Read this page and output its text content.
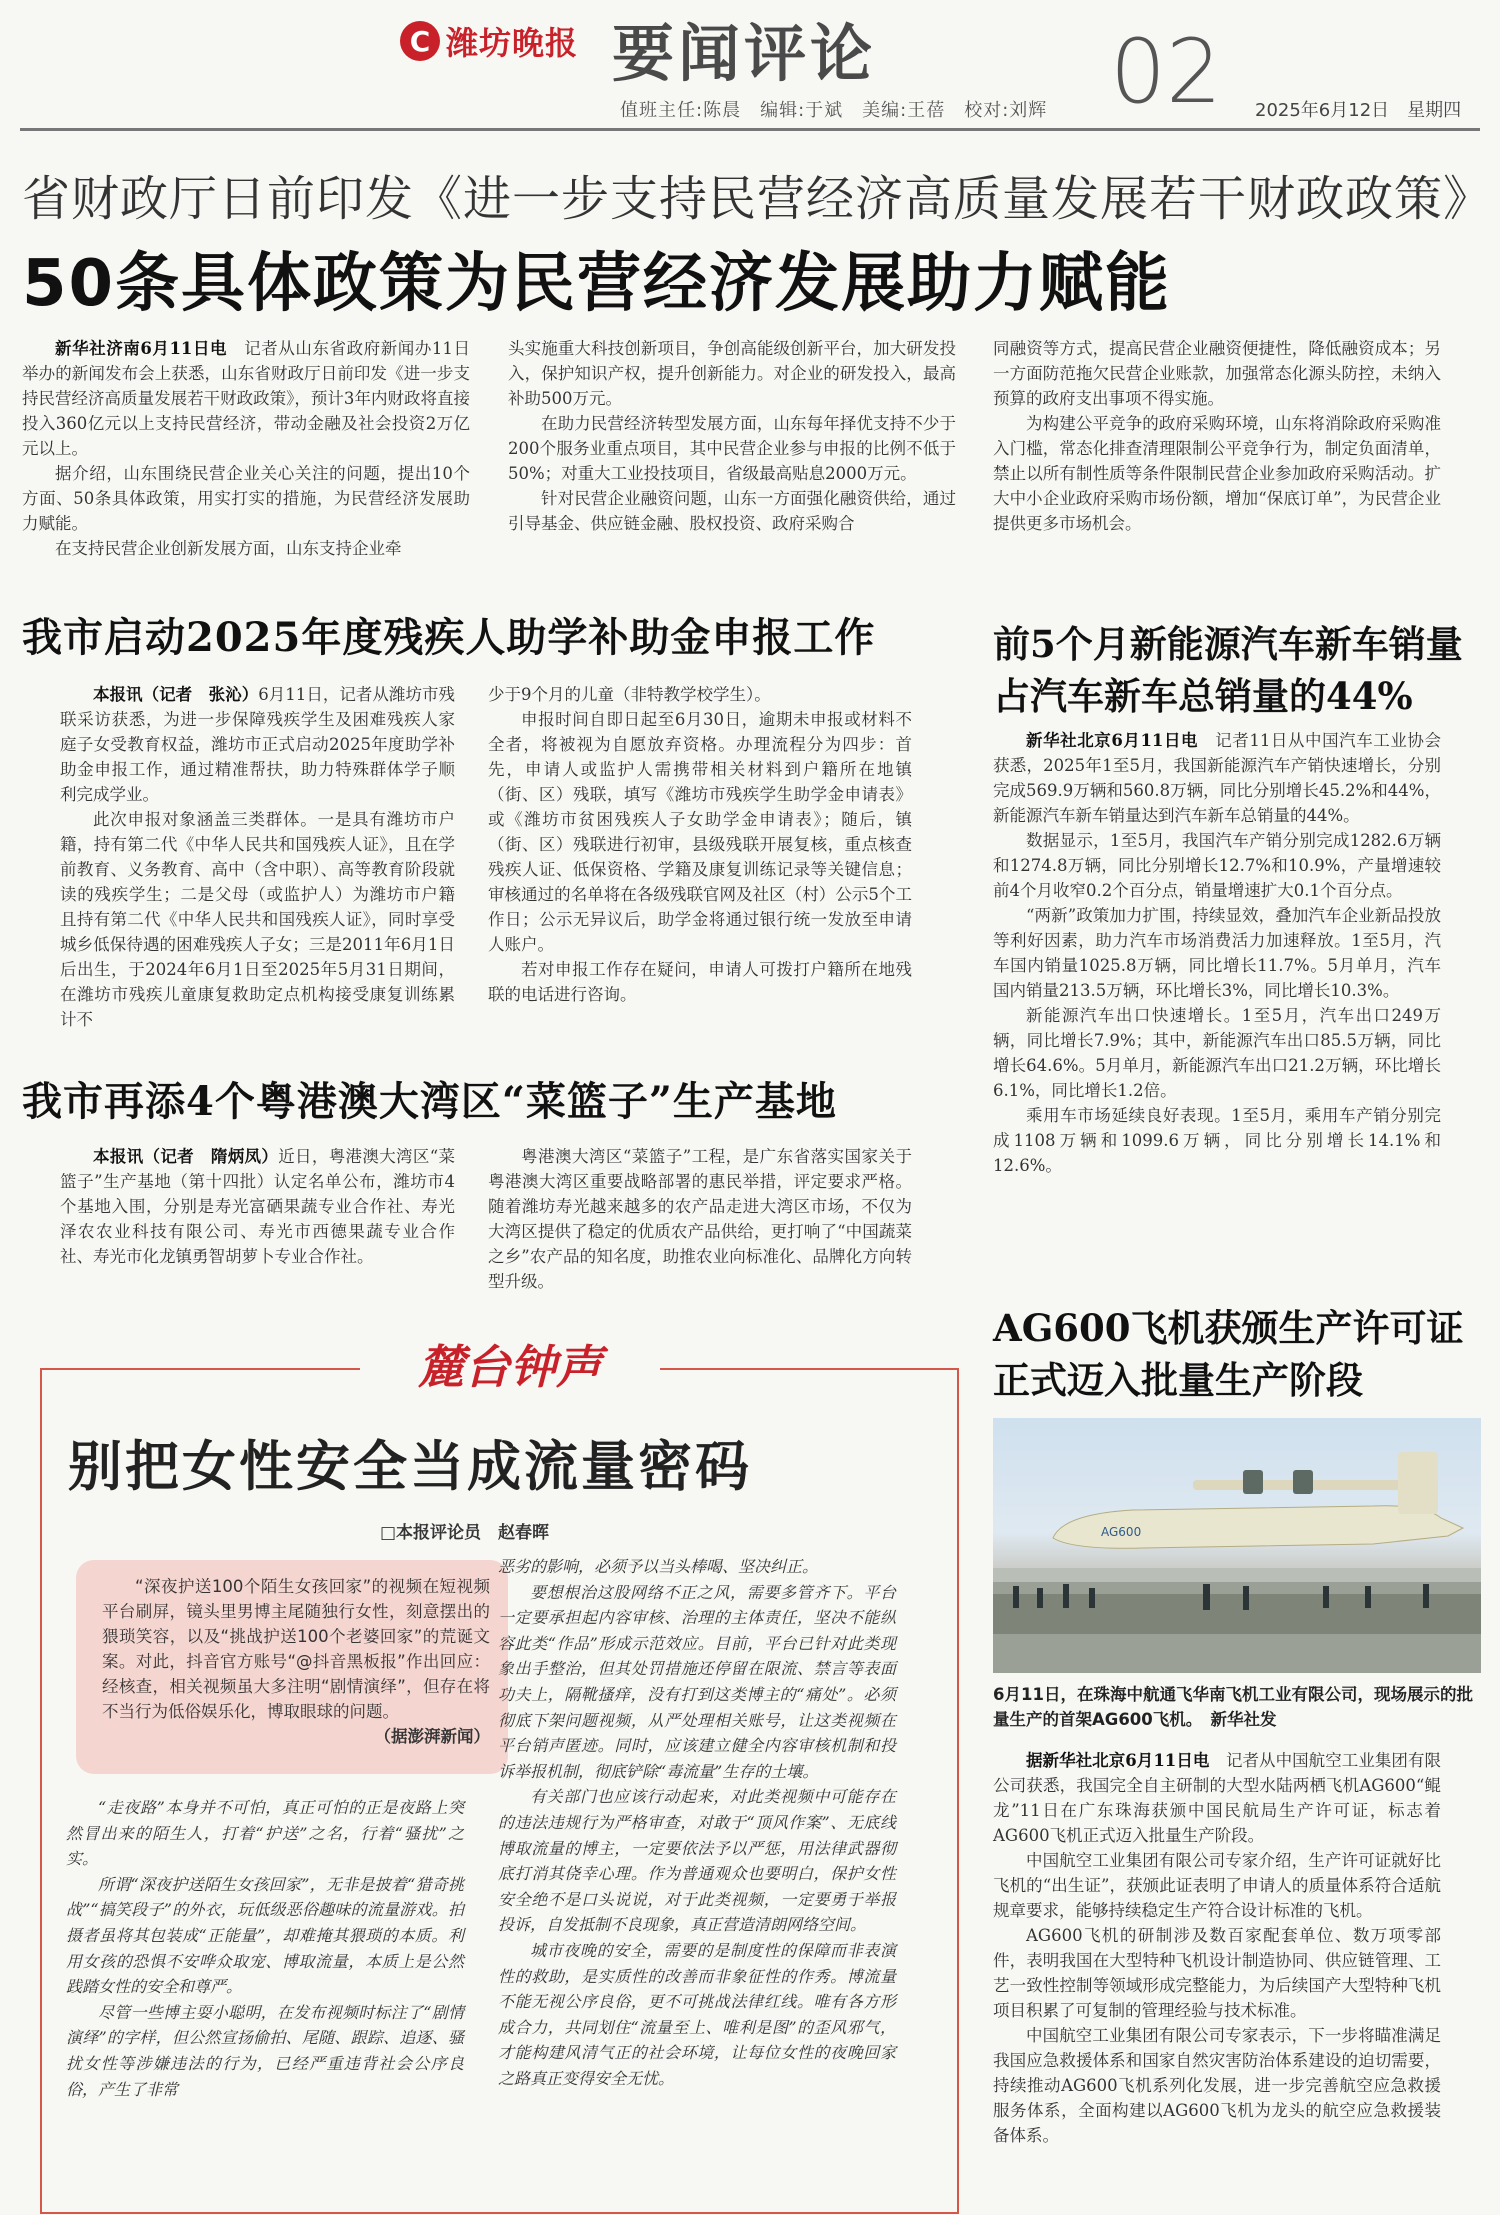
C 潍坊晚报 要闻评论	02
值班主任:陈晨　编辑:于斌　美编:王蓓　校对:刘辉	2025年6月12日　星期四
省财政厅日前印发《进一步支持民营经济高质量发展若干财政政策》
50条具体政策为民营经济发展助力赋能

新华社济南6月11日电　记者从山东省政府新闻办11日举办的新闻发布会上获悉，山东省财政厅日前印发《进一步支持民营经济高质量发展若干财政政策》，预计3年内财政将直接投入360亿元以上支持民营经济，带动金融及社会投资2万亿元以上。

据介绍，山东围绕民营企业关心关注的问题，提出10个方面、50条具体政策，用实打实的措施，为民营经济发展助力赋能。

在支持民营企业创新发展方面，山东支持企业牵

头实施重大科技创新项目，争创高能级创新平台，加大研发投入，保护知识产权，提升创新能力。对企业的研发投入，最高补助500万元。

在助力民营经济转型发展方面，山东每年择优支持不少于200个服务业重点项目，其中民营企业参与申报的比例不低于50%；对重大工业投技项目，省级最高贴息2000万元。

针对民营企业融资问题，山东一方面强化融资供给，通过引导基金、供应链金融、股权投资、政府采购合

同融资等方式，提高民营企业融资便捷性，降低融资成本；另一方面防范拖欠民营企业账款，加强常态化源头防控，未纳入预算的政府支出事项不得实施。

为构建公平竞争的政府采购环境，山东将消除政府采购准入门槛，常态化排查清理限制公平竞争行为，制定负面清单，禁止以所有制性质等条件限制民营企业参加政府采购活动。扩大中小企业政府采购市场份额，增加“保底订单”，为民营企业提供更多市场机会。

我市启动2025年度残疾人助学补助金申报工作

本报讯（记者　张沁）6月11日，记者从潍坊市残联采访获悉，为进一步保障残疾学生及困难残疾人家庭子女受教育权益，潍坊市正式启动2025年度助学补助金申报工作，通过精准帮扶，助力特殊群体学子顺利完成学业。

此次申报对象涵盖三类群体。一是具有潍坊市户籍，持有第二代《中华人民共和国残疾人证》，且在学前教育、义务教育、高中（含中职）、高等教育阶段就读的残疾学生；二是父母（或监护人）为潍坊市户籍且持有第二代《中华人民共和国残疾人证》，同时享受城乡低保待遇的困难残疾人子女；三是2011年6月1日后出生，于2024年6月1日至2025年5月31日期间，在潍坊市残疾儿童康复救助定点机构接受康复训练累计不

少于9个月的儿童（非特教学校学生）。

申报时间自即日起至6月30日，逾期未申报或材料不全者，将被视为自愿放弃资格。办理流程分为四步：首先，申请人或监护人需携带相关材料到户籍所在地镇（街、区）残联，填写《潍坊市残疾学生助学金申请表》或《潍坊市贫困残疾人子女助学金申请表》；随后，镇（街、区）残联进行初审，县级残联开展复核，重点核查残疾人证、低保资格、学籍及康复训练记录等关键信息；审核通过的名单将在各级残联官网及社区（村）公示5个工作日；公示无异议后，助学金将通过银行统一发放至申请人账户。

若对申报工作存在疑问，申请人可拨打户籍所在地残联的电话进行咨询。

我市再添4个粤港澳大湾区“菜篮子”生产基地

本报讯（记者　隋炳凤）近日，粤港澳大湾区“菜篮子”生产基地（第十四批）认定名单公布，潍坊市4个基地入围，分别是寿光富硒果蔬专业合作社、寿光泽农农业科技有限公司、寿光市西德果蔬专业合作社、寿光市化龙镇勇智胡萝卜专业合作社。

粤港澳大湾区“菜篮子”工程，是广东省落实国家关于粤港澳大湾区重要战略部署的惠民举措，评定要求严格。随着潍坊寿光越来越多的农产品走进大湾区市场，不仅为大湾区提供了稳定的优质农产品供给，更打响了“中国蔬菜之乡”农产品的知名度，助推农业向标准化、品牌化方向转型升级。

前5个月新能源汽车新车销量占汽车新车总销量的44%

新华社北京6月11日电　记者11日从中国汽车工业协会获悉，2025年1至5月，我国新能源汽车产销快速增长，分别完成569.9万辆和560.8万辆，同比分别增长45.2%和44%，新能源汽车新车销量达到汽车新车总销量的44%。

数据显示，1至5月，我国汽车产销分别完成1282.6万辆和1274.8万辆，同比分别增长12.7%和10.9%，产量增速较前4个月收窄0.2个百分点，销量增速扩大0.1个百分点。

“两新”政策加力扩围，持续显效，叠加汽车企业新品投放等利好因素，助力汽车市场消费活力加速释放。1至5月，汽车国内销量1025.8万辆，同比增长11.7%。5月单月，汽车国内销量213.5万辆，环比增长3%，同比增长10.3%。

新能源汽车出口快速增长。1至5月，汽车出口249万辆，同比增长7.9%；其中，新能源汽车出口85.5万辆，同比增长64.6%。5月单月，新能源汽车出口21.2万辆，环比增长6.1%，同比增长1.2倍。

乘用车市场延续良好表现。1至5月，乘用车产销分别完成1108万辆和1099.6万辆，同比分别增长14.1%和12.6%。

AG600飞机获颁生产许可证正式迈入批量生产阶段
AG600
6月11日，在珠海中航通飞华南飞机工业有限公司，现场展示的批量生产的首架AG600飞机。　新华社发

据新华社北京6月11日电　记者从中国航空工业集团有限公司获悉，我国完全自主研制的大型水陆两栖飞机AG600“鲲龙”11日在广东珠海获颁中国民航局生产许可证，标志着AG600飞机正式迈入批量生产阶段。

中国航空工业集团有限公司专家介绍，生产许可证就好比飞机的“出生证”，获颁此证表明了申请人的质量体系符合适航规章要求，能够持续稳定生产符合设计标准的飞机。

AG600飞机的研制涉及数百家配套单位、数万项零部件，表明我国在大型特种飞机设计制造协同、供应链管理、工艺一致性控制等领域形成完整能力，为后续国产大型特种飞机项目积累了可复制的管理经验与技术标准。

中国航空工业集团有限公司专家表示，下一步将瞄准满足我国应急救援体系和国家自然灾害防治体系建设的迫切需要，持续推动AG600飞机系列化发展，进一步完善航空应急救援服务体系，全面构建以AG600飞机为龙头的航空应急救援装备体系。

麓台钟声
别把女性安全当成流量密码
□本报评论员　赵春晖

“深夜护送100个陌生女孩回家”的视频在短视频平台刷屏，镜头里男博主尾随独行女性，刻意摆出的猥琐笑容，以及“挑战护送100个老婆回家”的荒诞文案。对此，抖音官方账号“@抖音黑板报”作出回应：经核查，相关视频虽大多注明“剧情演绎”，但存在将不当行为低俗娱乐化，博取眼球的问题。

（据澎湃新闻）

“走夜路”本身并不可怕，真正可怕的正是夜路上突然冒出来的陌生人，打着“护送”之名，行着“骚扰”之实。

所谓“深夜护送陌生女孩回家”，无非是披着“猎奇挑战”“搞笑段子”的外衣，玩低级恶俗趣味的流量游戏。拍摄者虽将其包装成“正能量”，却难掩其猥琐的本质。利用女孩的恐惧不安哗众取宠、博取流量，本质上是公然践踏女性的安全和尊严。

尽管一些博主耍小聪明，在发布视频时标注了“剧情演绎”的字样，但公然宣扬偷拍、尾随、跟踪、追逐、骚扰女性等涉嫌违法的行为，已经严重违背社会公序良俗，产生了非常

恶劣的影响，必须予以当头棒喝、坚决纠正。

要想根治这股网络不正之风，需要多管齐下。平台一定要承担起内容审核、治理的主体责任，坚决不能纵容此类“作品”形成示范效应。目前，平台已针对此类现象出手整治，但其处罚措施还停留在限流、禁言等表面功夫上，隔靴搔痒，没有打到这类博主的“痛处”。必须彻底下架问题视频，从严处理相关账号，让这类视频在平台销声匿迹。同时，应该建立健全内容审核机制和投诉举报机制，彻底铲除“毒流量”生存的土壤。

有关部门也应该行动起来，对此类视频中可能存在的违法违规行为严格审查，对敢于“顶风作案”、无底线博取流量的博主，一定要依法予以严惩，用法律武器彻底打消其侥幸心理。作为普通观众也要明白，保护女性安全绝不是口头说说，对于此类视频，一定要勇于举报投诉，自发抵制不良现象，真正营造清朗网络空间。

城市夜晚的安全，需要的是制度性的保障而非表演性的救助，是实质性的改善而非象征性的作秀。博流量不能无视公序良俗，更不可挑战法律红线。唯有各方形成合力，共同划住“流量至上、唯利是图”的歪风邪气，才能构建风清气正的社会环境，让每位女性的夜晚回家之路真正变得安全无忧。
